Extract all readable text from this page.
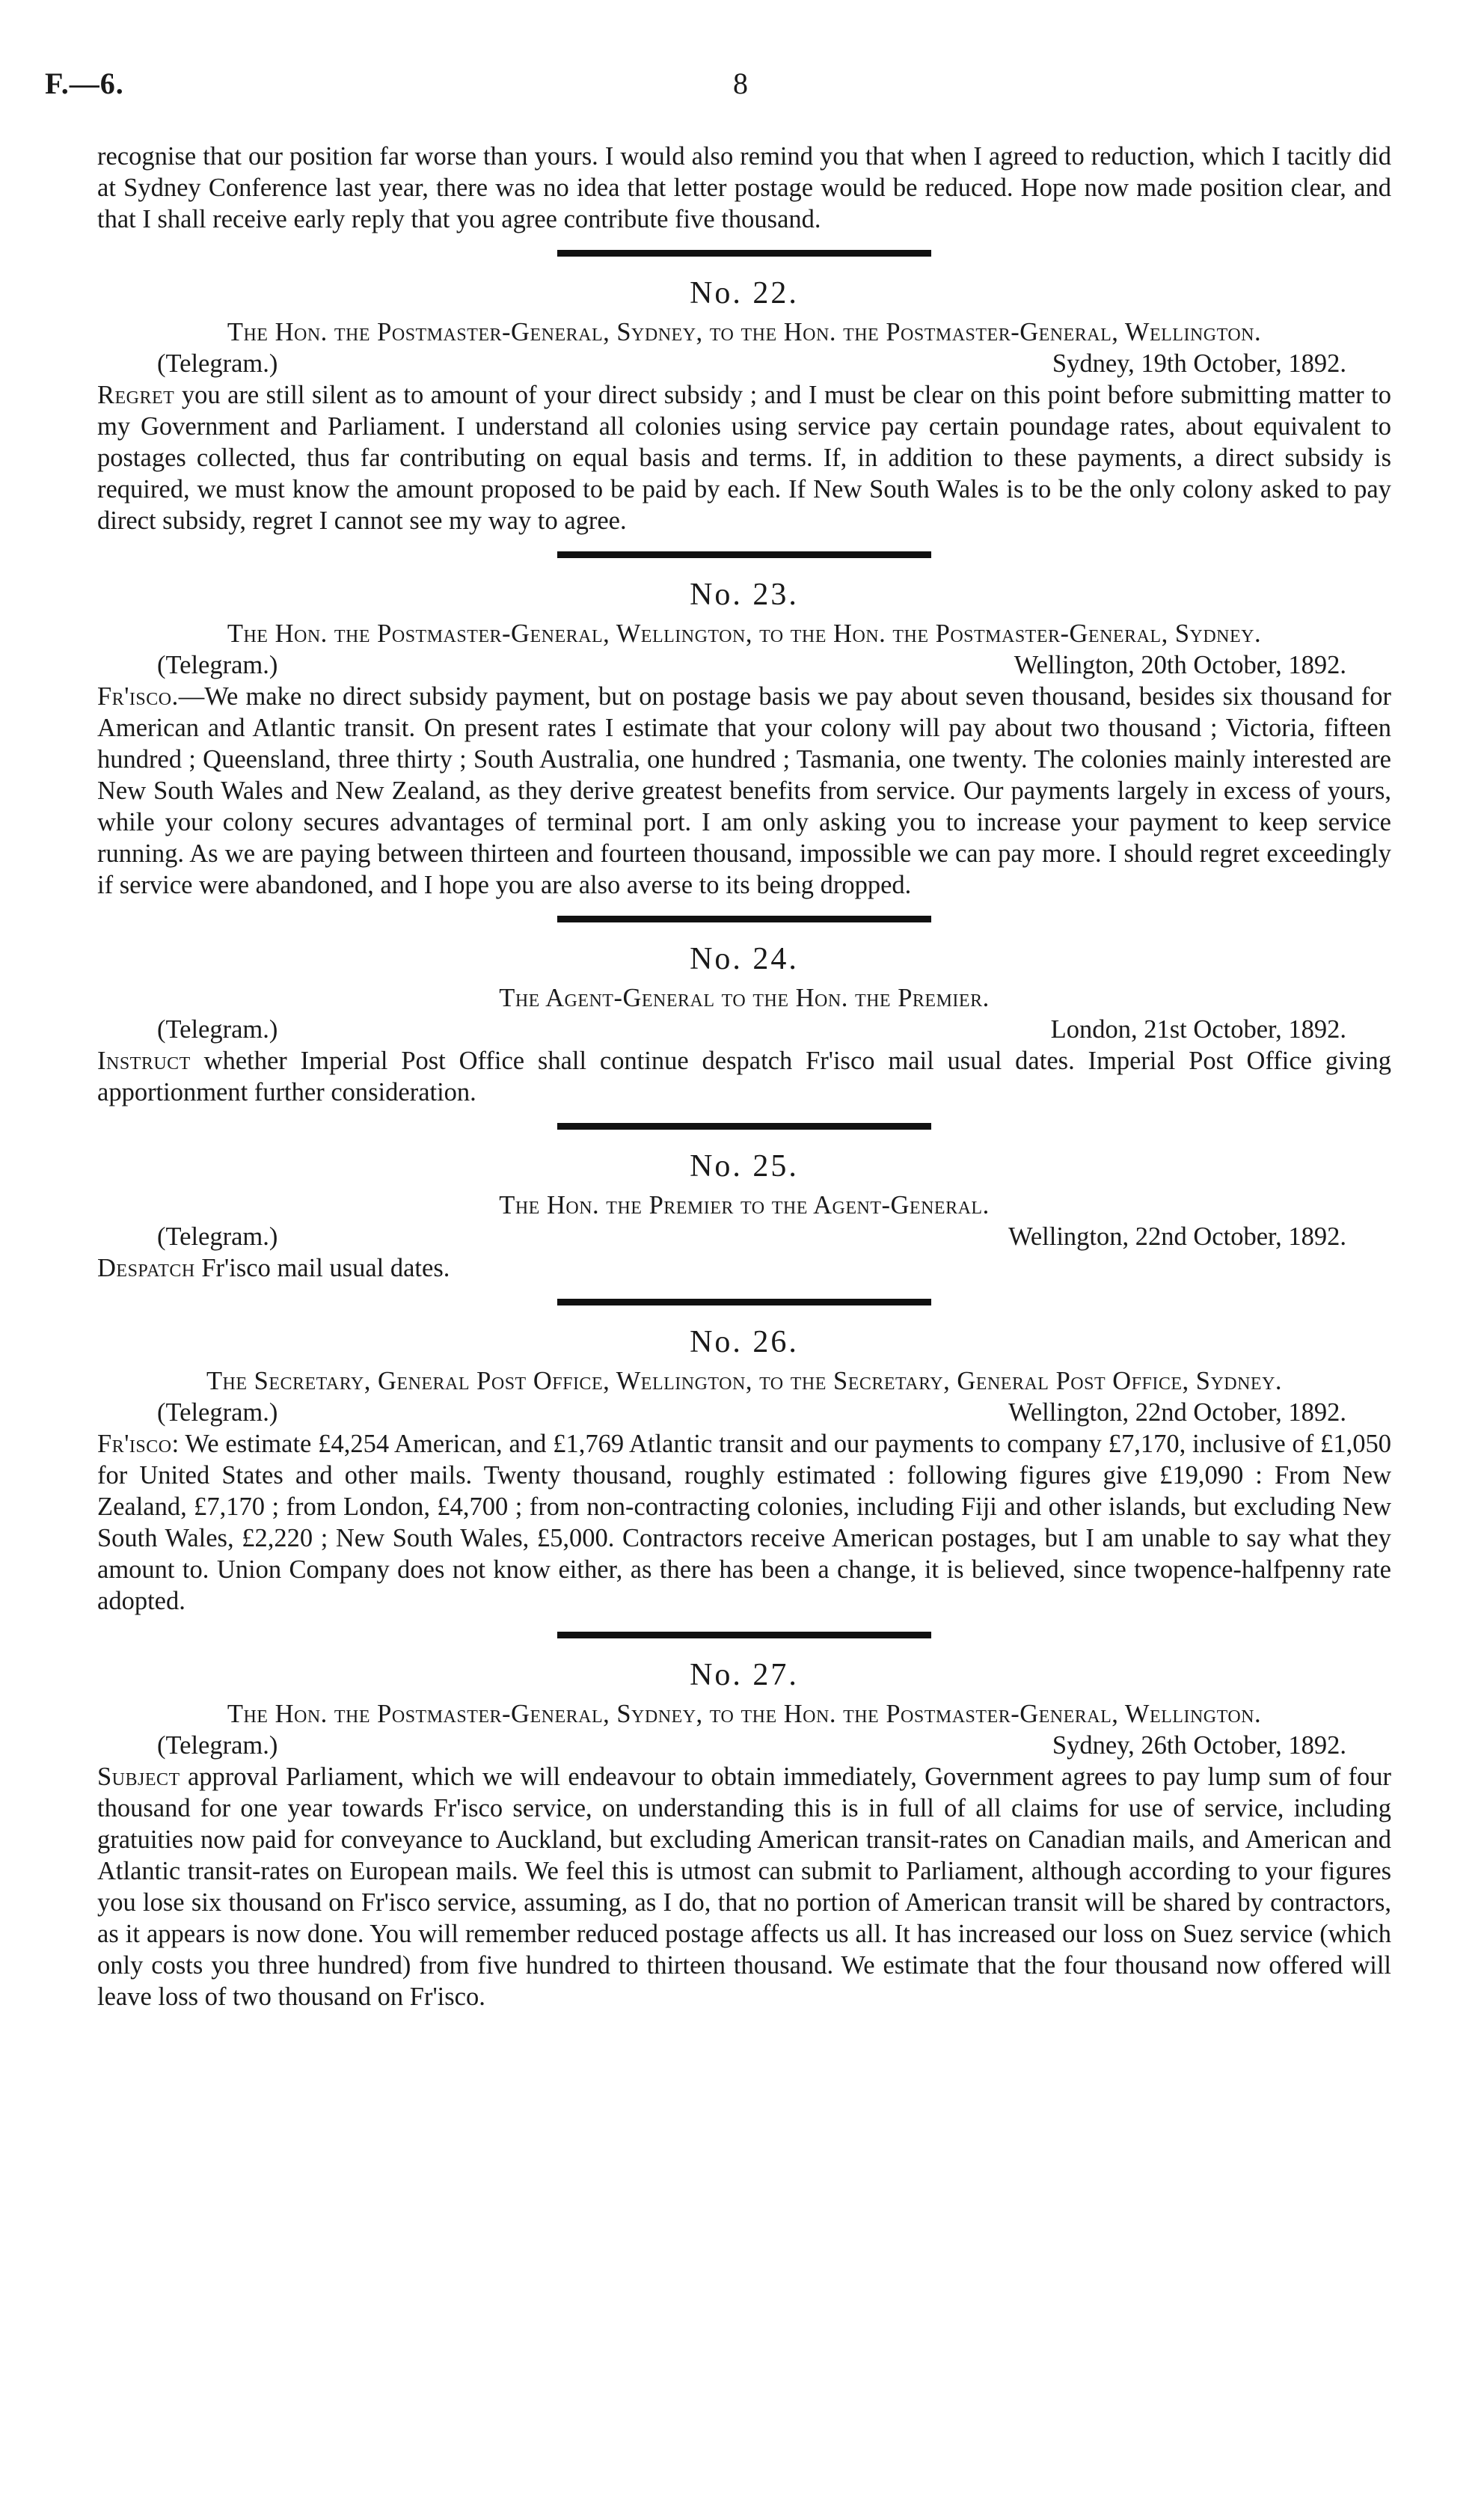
F.—6.	8

recognise that our position far worse than yours. I would also remind you that when I agreed to reduction, which I tacitly did at Sydney Conference last year, there was no idea that letter postage would be reduced. Hope now made position clear, and that I shall receive early reply that you agree contribute five thousand.

No. 22.
The Hon. the Postmaster-General, Sydney, to the Hon. the Postmaster-General, Wellington.
(Telegram.)	Sydney, 19th October, 1892.

Regret you are still silent as to amount of your direct subsidy ; and I must be clear on this point before submitting matter to my Government and Parliament. I understand all colonies using service pay certain poundage rates, about equivalent to postages collected, thus far contributing on equal basis and terms. If, in addition to these payments, a direct subsidy is required, we must know the amount proposed to be paid by each. If New South Wales is to be the only colony asked to pay direct subsidy, regret I cannot see my way to agree.

No. 23.
The Hon. the Postmaster-General, Wellington, to the Hon. the Postmaster-General, Sydney.
(Telegram.)	Wellington, 20th October, 1892.

Fr'isco.—We make no direct subsidy payment, but on postage basis we pay about seven thousand, besides six thousand for American and Atlantic transit. On present rates I estimate that your colony will pay about two thousand ; Victoria, fifteen hundred ; Queensland, three thirty ; South Australia, one hundred ; Tasmania, one twenty. The colonies mainly interested are New South Wales and New Zealand, as they derive greatest benefits from service. Our payments largely in excess of yours, while your colony secures advantages of terminal port. I am only asking you to increase your payment to keep service running. As we are paying between thirteen and fourteen thousand, impossible we can pay more. I should regret exceedingly if service were abandoned, and I hope you are also averse to its being dropped.

No. 24.
The Agent-General to the Hon. the Premier.
(Telegram.)	London, 21st October, 1892.

Instruct whether Imperial Post Office shall continue despatch Fr'isco mail usual dates. Imperial Post Office giving apportionment further consideration.

No. 25.
The Hon. the Premier to the Agent-General.
(Telegram.)	Wellington, 22nd October, 1892.

Despatch Fr'isco mail usual dates.

No. 26.
The Secretary, General Post Office, Wellington, to the Secretary, General Post Office, Sydney.
(Telegram.)	Wellington, 22nd October, 1892.

Fr'isco: We estimate £4,254 American, and £1,769 Atlantic transit and our payments to company £7,170, inclusive of £1,050 for United States and other mails. Twenty thousand, roughly estimated : following figures give £19,090 : From New Zealand, £7,170 ; from London, £4,700 ; from non-contracting colonies, including Fiji and other islands, but excluding New South Wales, £2,220 ; New South Wales, £5,000. Contractors receive American postages, but I am unable to say what they amount to. Union Company does not know either, as there has been a change, it is believed, since twopence-halfpenny rate adopted.

No. 27.
The Hon. the Postmaster-General, Sydney, to the Hon. the Postmaster-General, Wellington.
(Telegram.)	Sydney, 26th October, 1892.

Subject approval Parliament, which we will endeavour to obtain immediately, Government agrees to pay lump sum of four thousand for one year towards Fr'isco service, on understanding this is in full of all claims for use of service, including gratuities now paid for conveyance to Auckland, but excluding American transit-rates on Canadian mails, and American and Atlantic transit-rates on European mails. We feel this is utmost can submit to Parliament, although according to your figures you lose six thousand on Fr'isco service, assuming, as I do, that no portion of American transit will be shared by contractors, as it appears is now done. You will remember reduced postage affects us all. It has increased our loss on Suez service (which only costs you three hundred) from five hundred to thirteen thousand. We estimate that the four thousand now offered will leave loss of two thousand on Fr'isco.
